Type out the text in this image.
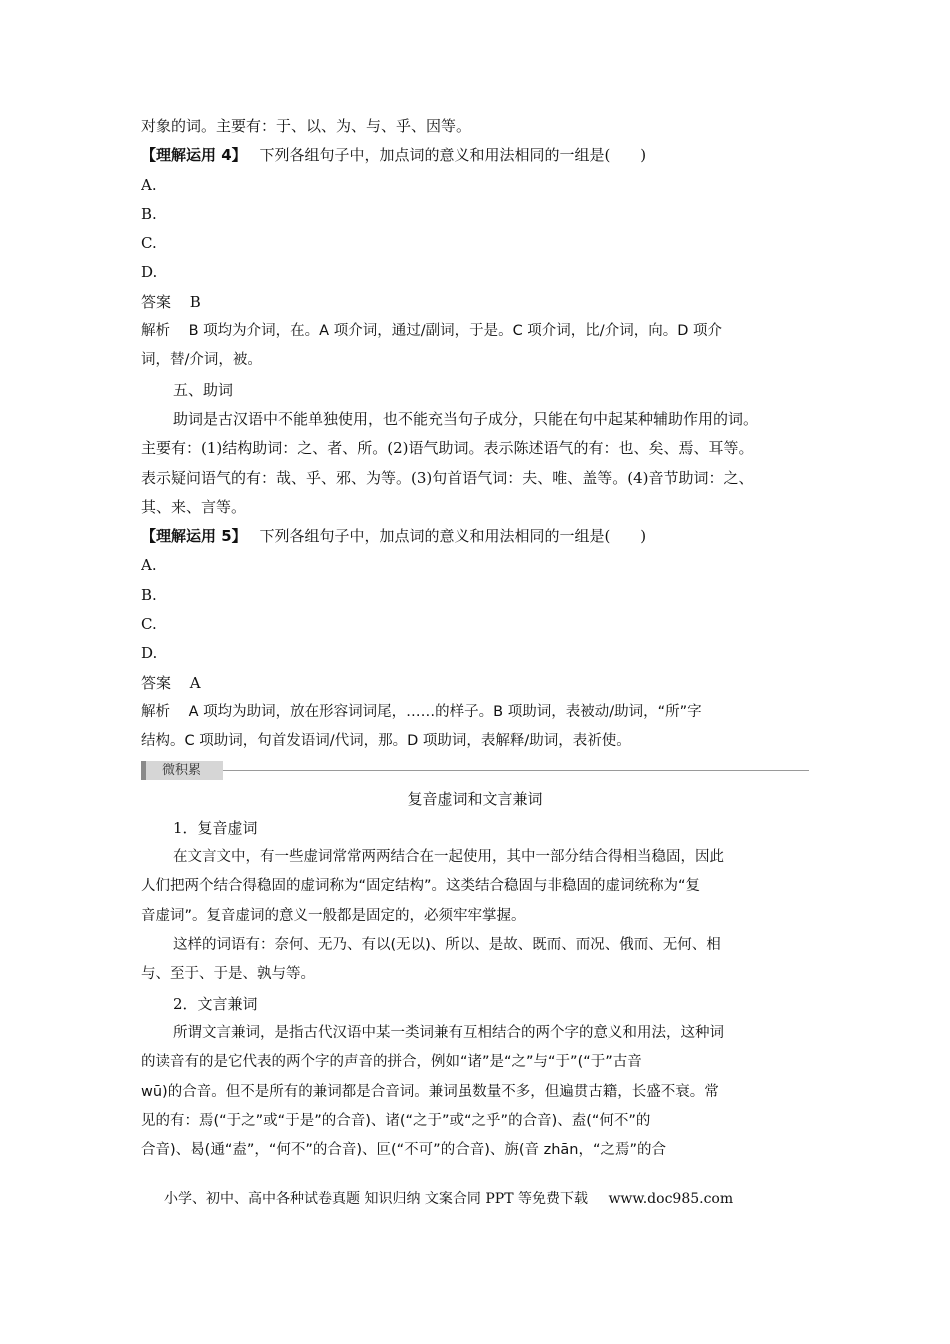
对象的词。主要有：于、以、为、与、乎、因等。
【理解运用 4】 下列各组句子中，加点词的意义和用法相同的一组是(　　)
A.
B.
C.
D.
答案 B
解析 B 项均为介词，在。A 项介词，通过/副词，于是。C 项介词，比/介词，向。D 项介
词，替/介词，被。
五、助词
助词是古汉语中不能单独使用，也不能充当句子成分，只能在句中起某种辅助作用的词。
主要有：(1)结构助词：之、者、所。(2)语气助词。表示陈述语气的有：也、矣、焉、耳等。
表示疑问语气的有：哉、乎、邪、为等。(3)句首语气词：夫、唯、盖等。(4)音节助词：之、
其、来、言等。
【理解运用 5】 下列各组句子中，加点词的意义和用法相同的一组是(　　)
A.
B.
C.
D.
答案 A
解析 A 项均为助词，放在形容词词尾，……的样子。B 项助词，表被动/助词，“所”字
结构。C 项助词，句首发语词/代词，那。D 项助词，表解释/助词，表祈使。
微积累
复音虚词和文言兼词
1．复音虚词
在文言文中，有一些虚词常常两两结合在一起使用，其中一部分结合得相当稳固，因此
人们把两个结合得稳固的虚词称为“固定结构”。这类结合稳固与非稳固的虚词统称为“复
音虚词”。复音虚词的意义一般都是固定的，必须牢牢掌握。
这样的词语有：奈何、无乃、有以(无以)、所以、是故、既而、而况、俄而、无何、相
与、至于、于是、孰与等。
2．文言兼词
所谓文言兼词，是指古代汉语中某一类词兼有互相结合的两个字的意义和用法，这种词
的读音有的是它代表的两个字的声音的拼合，例如“诸”是“之”与“于”(“于”古音
wū)的合音。但不是所有的兼词都是合音词。兼词虽数量不多，但遍贯古籍，长盛不衰。常
见的有：焉(“于之”或“于是”的合音)、诸(“之于”或“之乎”的合音)、盍(“何不”的
合音)、曷(通“盍”，“何不”的合音)、叵(“不可”的合音)、旃(音 zhān，“之焉”的合
小学、初中、高中各种试卷真题 知识归纳 文案合同 PPT 等免费下载 www.doc985.com
